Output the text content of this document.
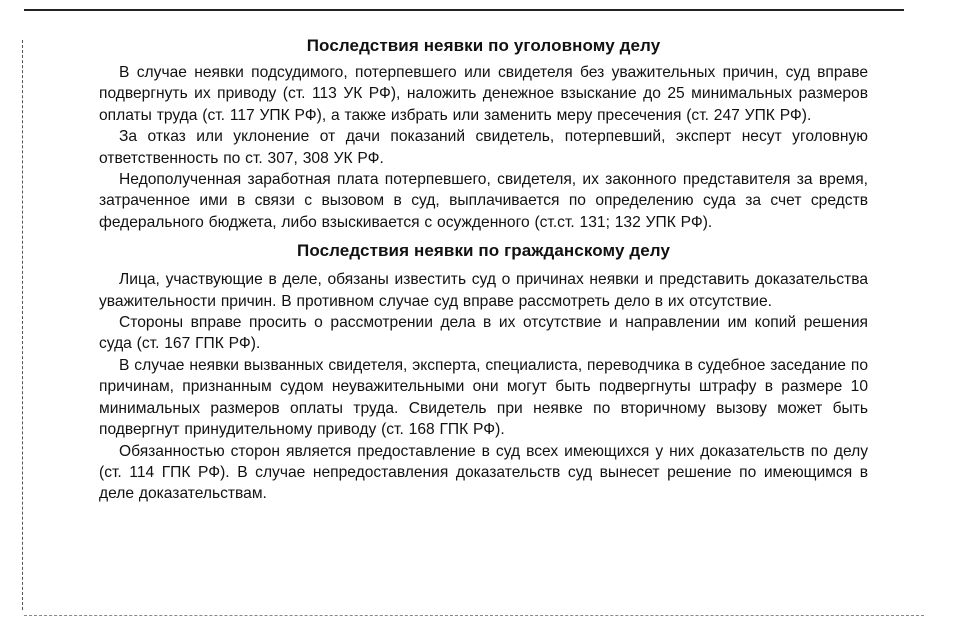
Последствия неявки по уголовному делу

В случае неявки подсудимого, потерпевшего или свидетеля без уважительных причин, суд вправе подвергнуть их приводу (ст. 113 УК РФ), наложить денежное взыскание до 25 минимальных размеров оплаты труда (ст. 117 УПК РФ), а также избрать или заменить меру пресечения (ст. 247 УПК РФ).

За отказ или уклонение от дачи показаний свидетель, потерпевший, эксперт несут уголовную ответственность по ст. 307, 308 УК РФ.

Недополученная заработная плата потерпевшего, свидетеля, их законного представителя за время, затраченное ими в связи с вызовом в суд, выплачивается по определению суда за счет средств федерального бюджета, либо взыскивается с осужденного (ст.ст. 131; 132 УПК РФ).

Последствия неявки по гражданскому делу

Лица, участвующие в деле, обязаны известить суд о причинах неявки и представить доказательства уважительности причин. В противном случае суд вправе рассмотреть дело в их отсутствие.

Стороны вправе просить о рассмотрении дела в их отсутствие и направлении им копий решения суда (ст. 167 ГПК РФ).

В случае неявки вызванных свидетеля, эксперта, специалиста, переводчика в судебное заседание по причинам, признанным судом неуважительными они могут быть подвергнуты штрафу в размере 10 минимальных размеров оплаты труда. Свидетель при неявке по вторичному вызову может быть подвергнут принудительному приводу (ст. 168 ГПК РФ).

Обязанностью сторон является предоставление в суд всех имеющихся у них доказательств по делу (ст. 114 ГПК РФ). В случае непредоставления доказательств суд вынесет решение по имеющимся в деле доказательствам.
